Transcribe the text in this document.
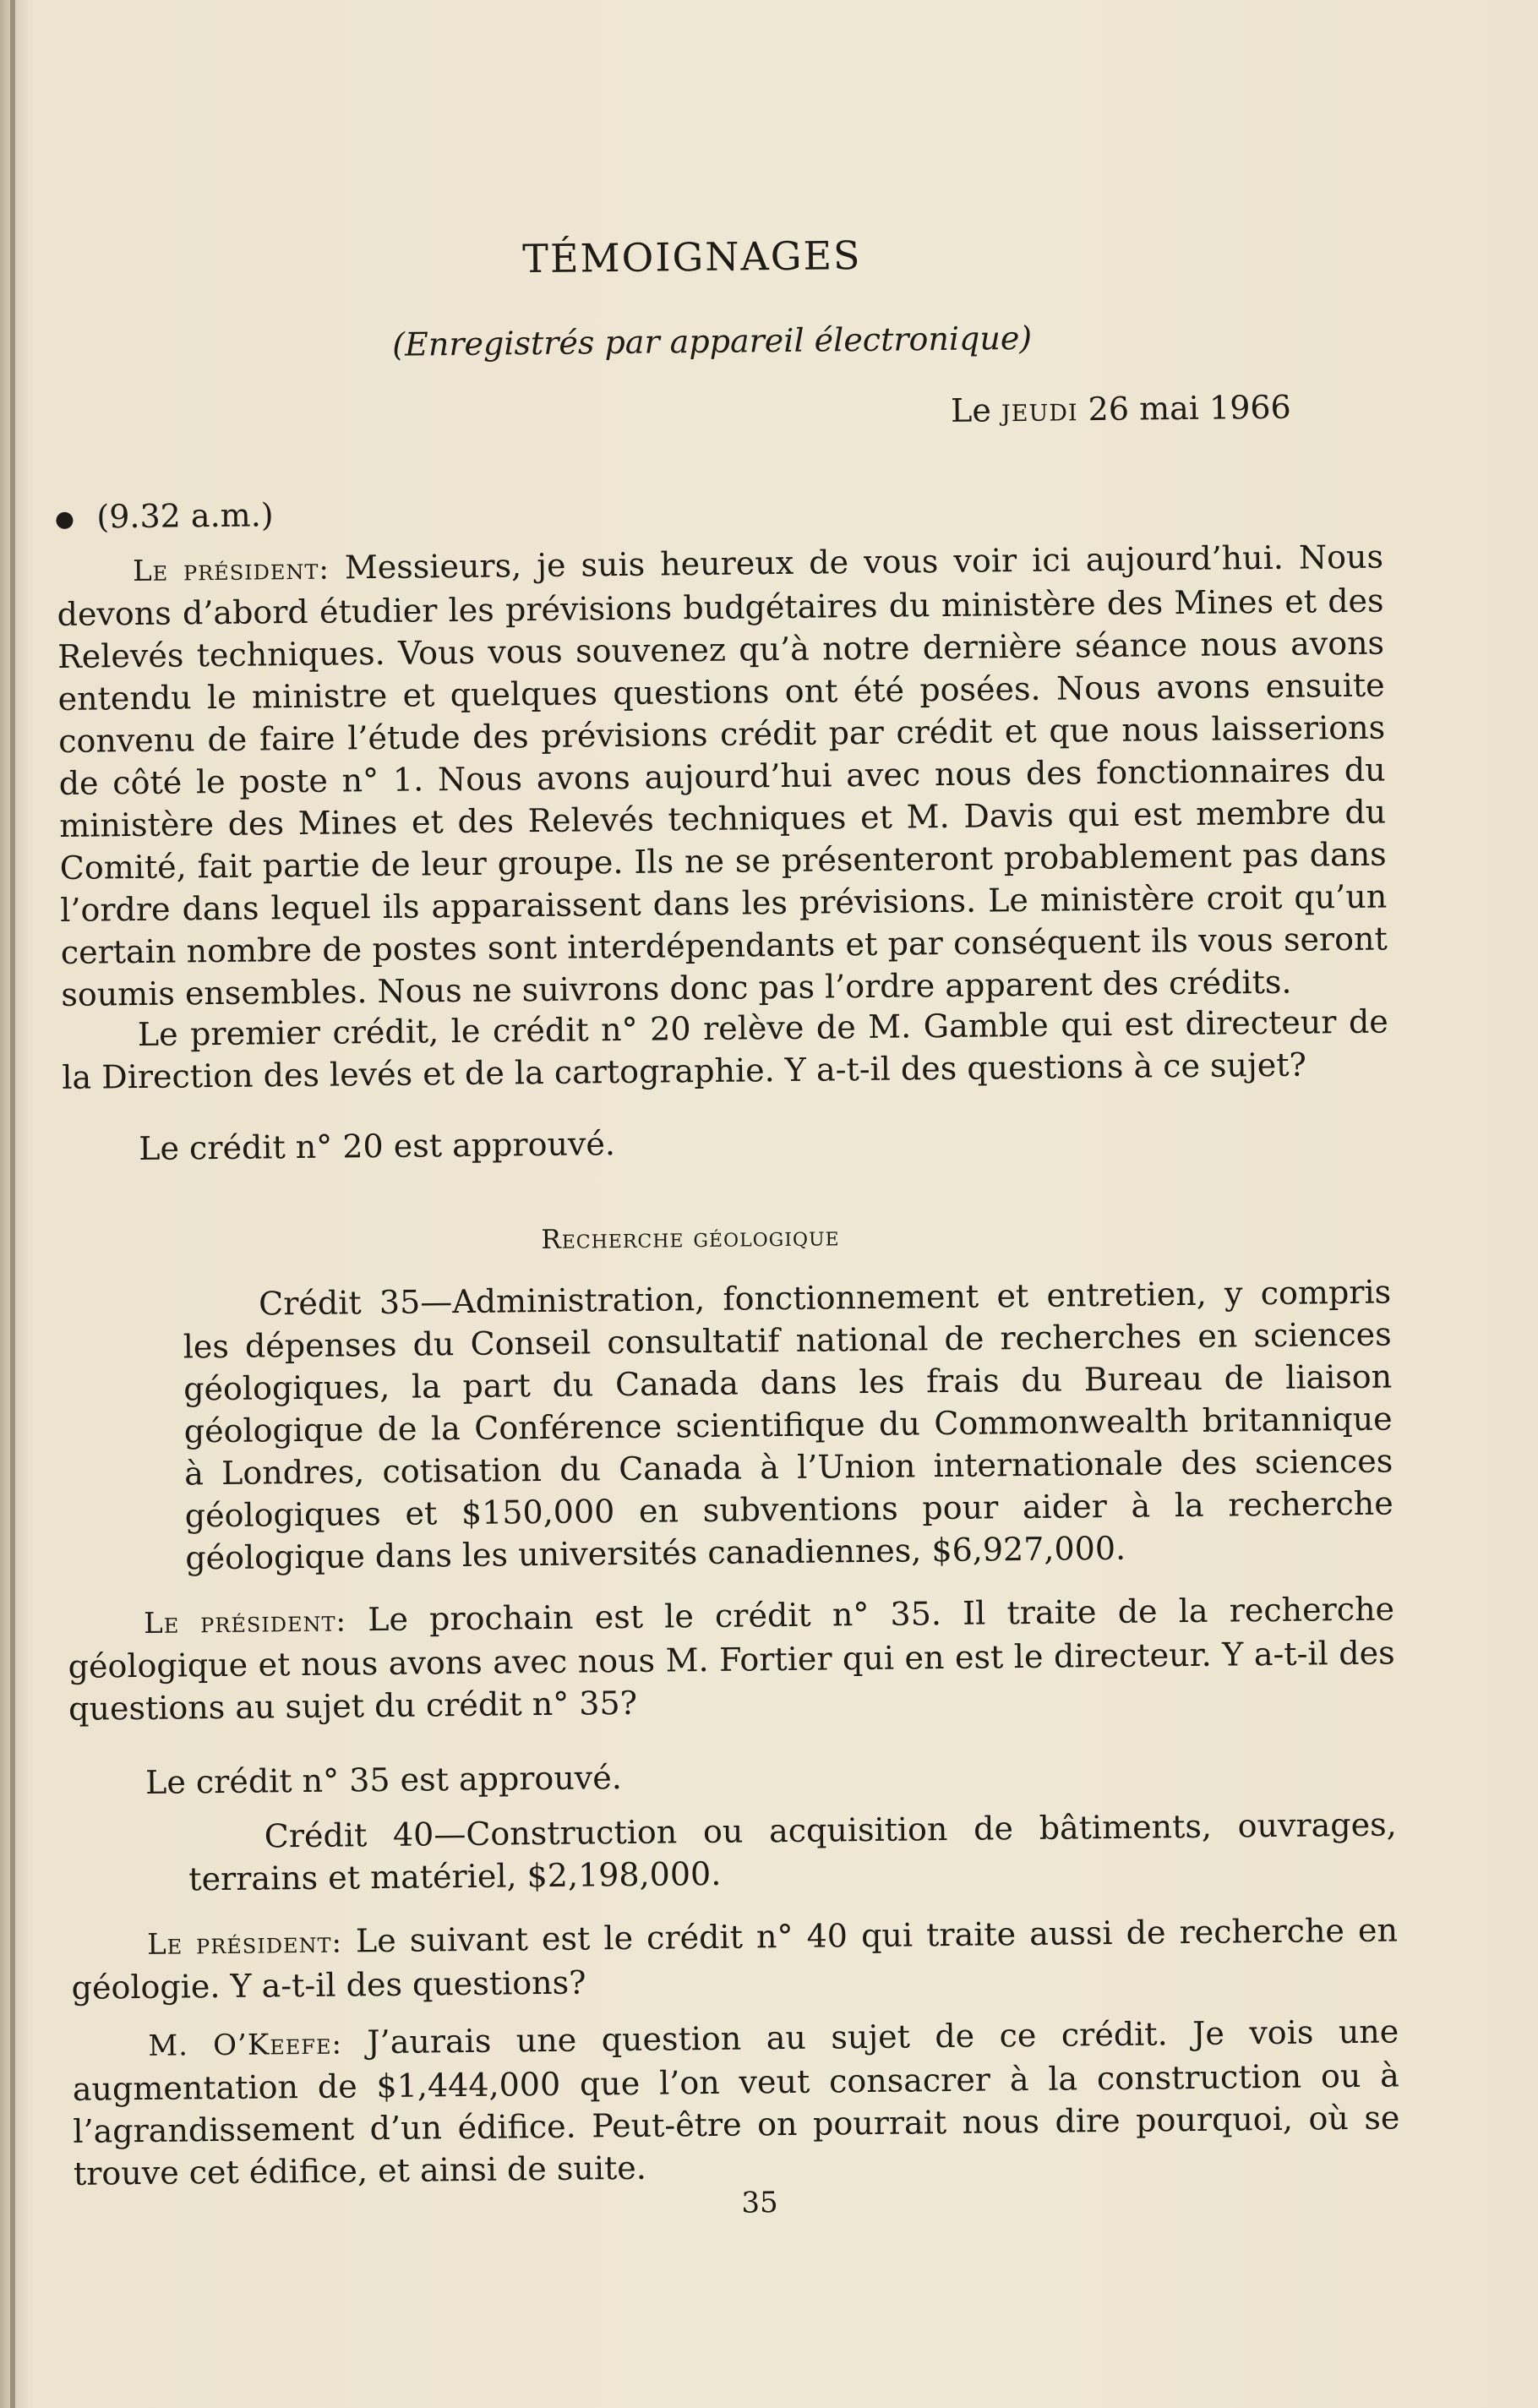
TÉMOIGNAGES
(Enregistrés par appareil électronique)
Le jeudi 26 mai 1966
(9.32 a.m.)

Le président: Messieurs, je suis heureux de vous voir ici aujourd’hui. Nous devons d’abord étudier les prévisions budgétaires du ministère des Mines et des Relevés techniques. Vous vous souvenez qu’à notre dernière séance nous avons entendu le ministre et quelques questions ont été posées. Nous avons ensuite convenu de faire l’étude des prévisions crédit par crédit et que nous laisserions de côté le poste n° 1. Nous avons aujourd’hui avec nous des fonctionnaires du ministère des Mines et des Relevés techniques et M. Davis qui est membre du Comité, fait partie de leur groupe. Ils ne se présenteront probablement pas dans l’ordre dans lequel ils apparaissent dans les prévisions. Le ministère croit qu’un certain nombre de postes sont interdépendants et par conséquent ils vous seront soumis ensembles. Nous ne suivrons donc pas l’ordre apparent des crédits.

Le premier crédit, le crédit n° 20 relève de M. Gamble qui est directeur de la Direction des levés et de la cartographie. Y a-t-il des questions à ce sujet?

Le crédit n° 20 est approuvé.

Recherche géologique

Crédit 35—Administration, fonctionnement et entretien, y compris les dépenses du Conseil consultatif national de recherches en sciences géologiques, la part du Canada dans les frais du Bureau de liaison géologique de la Conférence scientifique du Commonwealth britannique à Londres, cotisation du Canada à l’Union internationale des sciences géologiques et $150,000 en subventions pour aider à la recherche géologique dans les universités canadiennes, $6,927,000.

Le président: Le prochain est le crédit n° 35. Il traite de la recherche géologique et nous avons avec nous M. Fortier qui en est le directeur. Y a-t-il des questions au sujet du crédit n° 35?

Le crédit n° 35 est approuvé.

Crédit 40—Construction ou acquisition de bâtiments, ouvrages, terrains et matériel, $2,198,000.

Le président: Le suivant est le crédit n° 40 qui traite aussi de recherche en géologie. Y a-t-il des questions?

M. O’Keefe: J’aurais une question au sujet de ce crédit. Je vois une augmentation de $1,444,000 que l’on veut consacrer à la construction ou à l’agrandissement d’un édifice. Peut-être on pourrait nous dire pourquoi, où se trouve cet édifice, et ainsi de suite.

35
